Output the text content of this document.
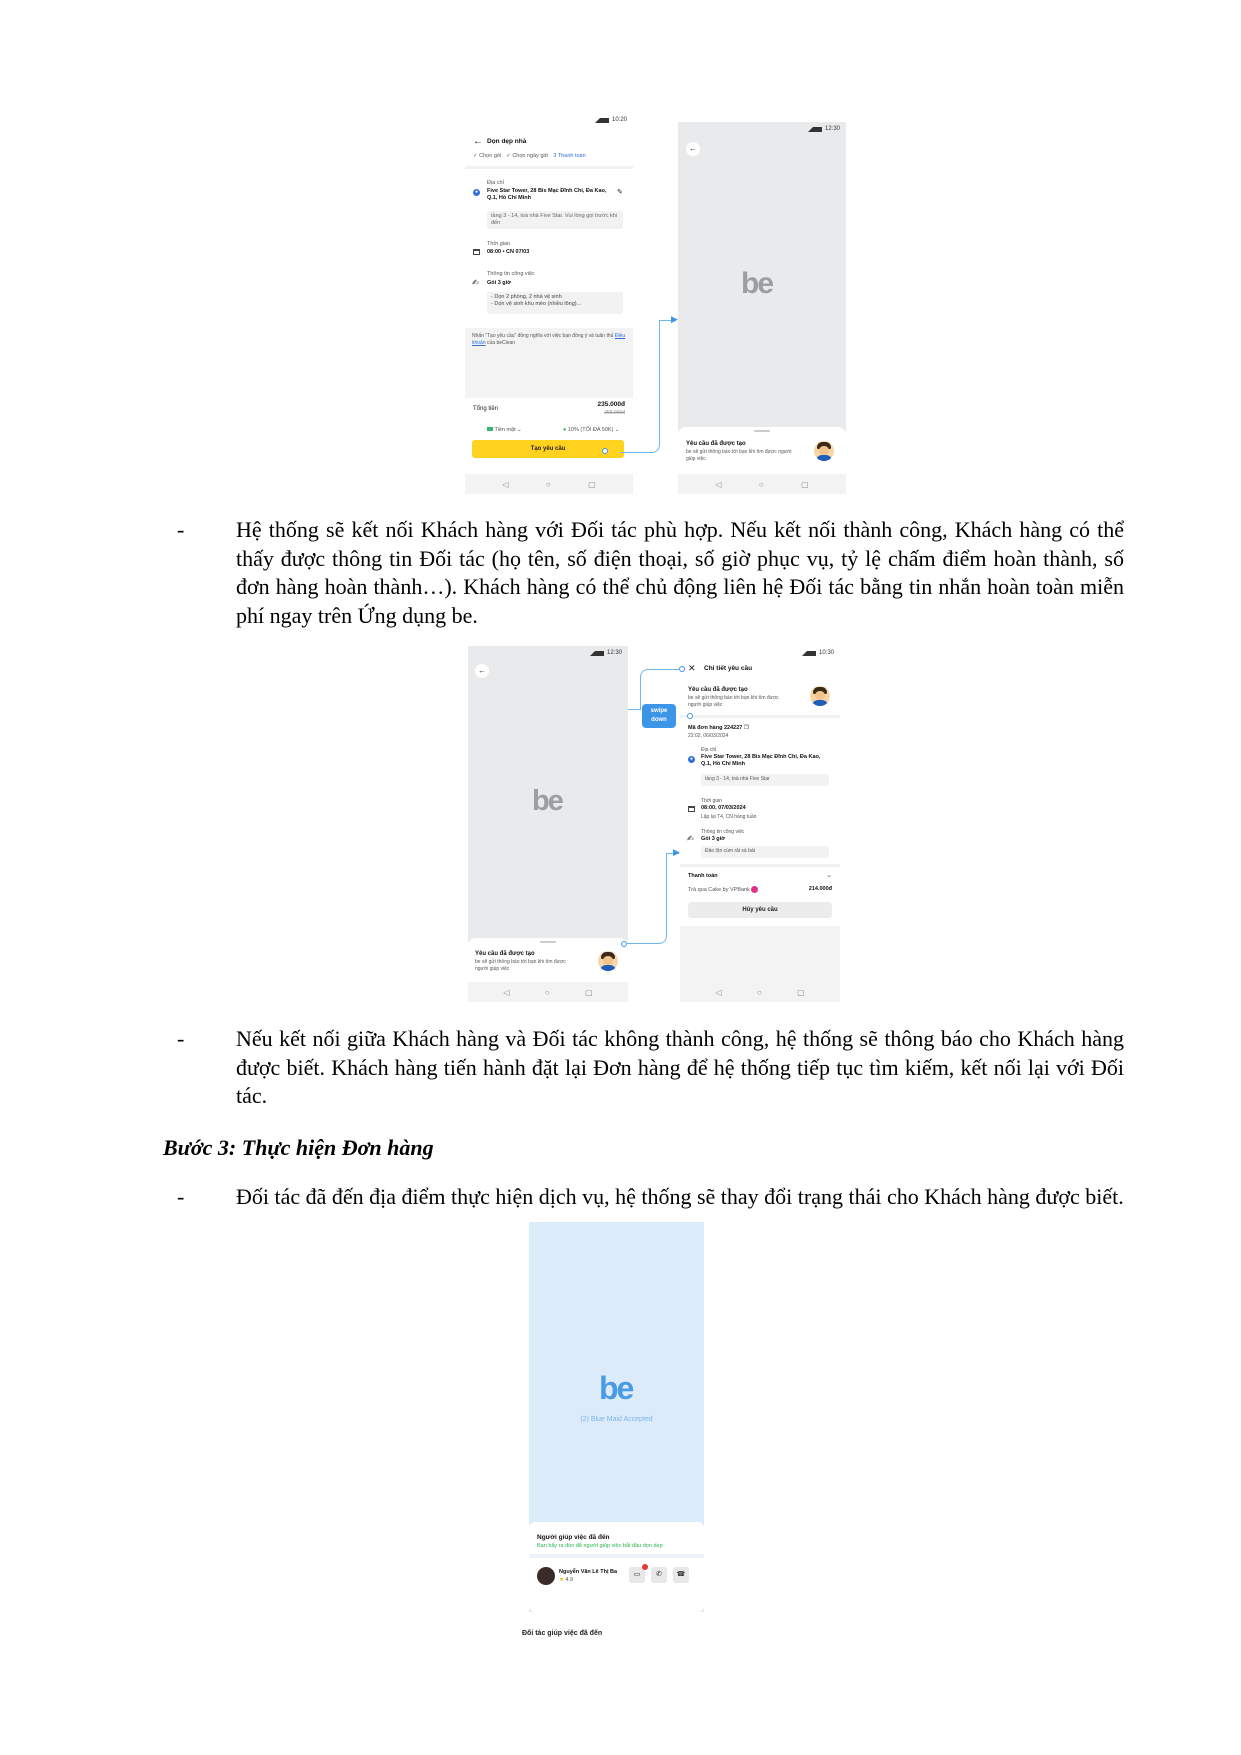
10:20
← Dọn dẹp nhà
✓ Chọn gói ✓ Chọn ngày giờ 3 Thanh toán
●
Địa chỉ
Five Star Tower, 28 Bis Mạc Đĩnh Chi, Đa Kao, Q.1, Hồ Chí Minh
✎
tầng 3 - 14, toà nhà Five Star. Vui lòng gọi trước khi đến
Thời gian
08:00 • CN 07/03
✍
Thông tin công việc
Gói 3 giờ
- Dọn 2 phòng, 2 nhà vệ sinh
- Dọn vệ sinh khu mèo (nhiều lông)...
Nhấn “Tạo yêu cầu” đồng nghĩa với việc bạn đồng ý và tuân thủ Điều khoản của beClean
Tổng tiền
235.000đ
255.000đ
Tiền mặt ⌄	● 10% (TỐI ĐA 50K) ⌄
Tạo yêu cầu
◁	○	▢
12:30
←
be
Yêu cầu đã được tạo
be sẽ gửi thông báo tới bạn khi tìm được người giúp việc
◁	○	▢
▶
- Hệ thống sẽ kết nối Khách hàng với Đối tác phù hợp. Nếu kết nối thành công, Khách hàng có thể thấy được thông tin Đối tác (họ tên, số điện thoại, số giờ phục vụ, tỷ lệ chấm điểm hoàn thành, số đơn hàng hoàn thành…). Khách hàng có thể chủ động liên hệ Đối tác bằng tin nhắn hoàn toàn miễn phí ngay trên Ứng dụng be.
12:30
←
be
Yêu cầu đã được tạo
be sẽ gửi thông báo tới bạn khi tìm được người giúp việc
◁	○	▢
10:30
✕ Chi tiết yêu cầu
Yêu cầu đã được tạo
be sẽ gửi thông báo tới bạn khi tìm được người giúp việc
Mã đơn hàng 224227 ❐
22:02, 06/03/2024
●
Địa chỉ
Five Star Tower, 28 Bis Mạc Đĩnh Chi, Đa Kao, Q.1, Hồ Chí Minh
tầng 3 - 14, toà nhà Five Star
Thời gian
08:00, 07/03/2024
Lặp lại T4, CN hàng tuần
✍
Thông tin công việc
Gói 3 giờ
Đảo lộn cùm rải xà bát
Thanh toán	⌄
Trả qua Cake by VPBank	214.000đ
Hủy yêu cầu
◁	○	▢
swipe
down
▶
- Nếu kết nối giữa Khách hàng và Đối tác không thành công, hệ thống sẽ thông báo cho Khách hàng được biết. Khách hàng tiến hành đặt lại Đơn hàng để hệ thống tiếp tục tìm kiếm, kết nối lại với Đối tác.
Bước 3: Thực hiện Đơn hàng
- Đối tác đã đến địa điểm thực hiện dịch vụ, hệ thống sẽ thay đổi trạng thái cho Khách hàng được biết.
be
(2) Blue Maid Accepted
Người giúp việc đã đến
Bạn hãy ra đón để người giúp việc bắt đầu dọn dẹp
Nguyễn Văn Lê Thị Ba
★ 4.9
▭	✆	☎
Đối tác giúp việc đã đến
